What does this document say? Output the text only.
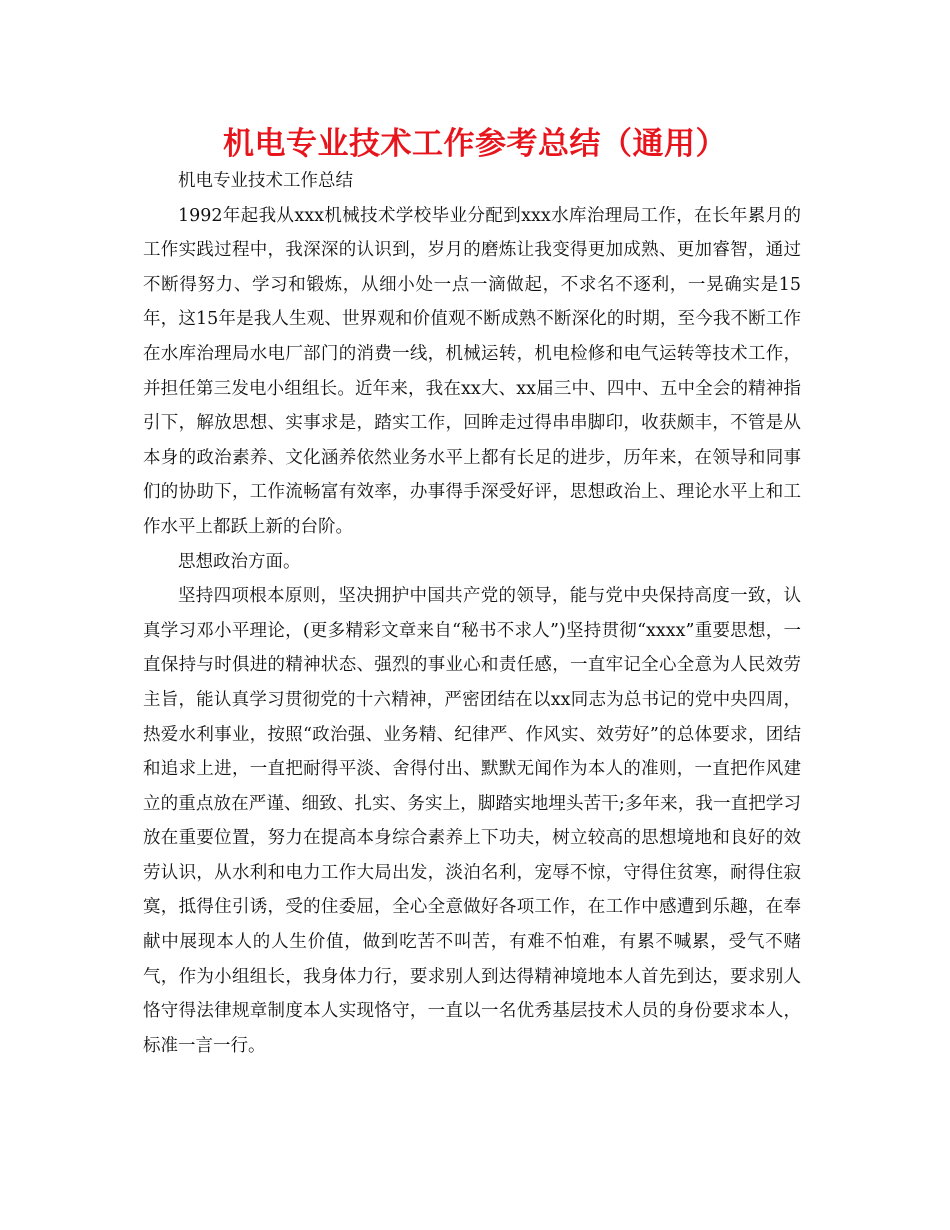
机电专业技术工作参考总结（通用）

机电专业技术工作总结

1992年起我从xxx机械技术学校毕业分配到xxx水库治理局工作，在长年累月的工作实践过程中，我深深的认识到，岁月的磨炼让我变得更加成熟、更加睿智，通过不断得努力、学习和锻炼，从细小处一点一滴做起，不求名不逐利，一晃确实是15年，这15年是我人生观、世界观和价值观不断成熟不断深化的时期，至今我不断工作在水库治理局水电厂部门的消费一线，机械运转，机电检修和电气运转等技术工作，并担任第三发电小组组长。近年来，我在xx大、xx届三中、四中、五中全会的精神指引下，解放思想、实事求是，踏实工作，回眸走过得串串脚印，收获颇丰，不管是从本身的政治素养、文化涵养依然业务水平上都有长足的进步，历年来，在领导和同事们的协助下，工作流畅富有效率，办事得手深受好评，思想政治上、理论水平上和工作水平上都跃上新的台阶。

思想政治方面。

坚持四项根本原则，坚决拥护中国共产党的领导，能与党中央保持高度一致，认真学习邓小平理论，(更多精彩文章来自“秘书不求人”)坚持贯彻“xxxx”重要思想，一直保持与时俱进的精神状态、强烈的事业心和责任感，一直牢记全心全意为人民效劳主旨，能认真学习贯彻党的十六精神，严密团结在以xx同志为总书记的党中央四周，热爱水利事业，按照“政治强、业务精、纪律严、作风实、效劳好”的总体要求，团结和追求上进，一直把耐得平淡、舍得付出、默默无闻作为本人的准则，一直把作风建立的重点放在严谨、细致、扎实、务实上，脚踏实地埋头苦干;多年来，我一直把学习放在重要位置，努力在提高本身综合素养上下功夫，树立较高的思想境地和良好的效劳认识，从水利和电力工作大局出发，淡泊名利，宠辱不惊，守得住贫寒，耐得住寂寞，抵得住引诱，受的住委屈，全心全意做好各项工作，在工作中感遭到乐趣，在奉献中展现本人的人生价值，做到吃苦不叫苦，有难不怕难，有累不喊累，受气不赌气，作为小组组长，我身体力行，要求别人到达得精神境地本人首先到达，要求别人恪守得法律规章制度本人实现恪守，一直以一名优秀基层技术人员的身份要求本人，标准一言一行。
